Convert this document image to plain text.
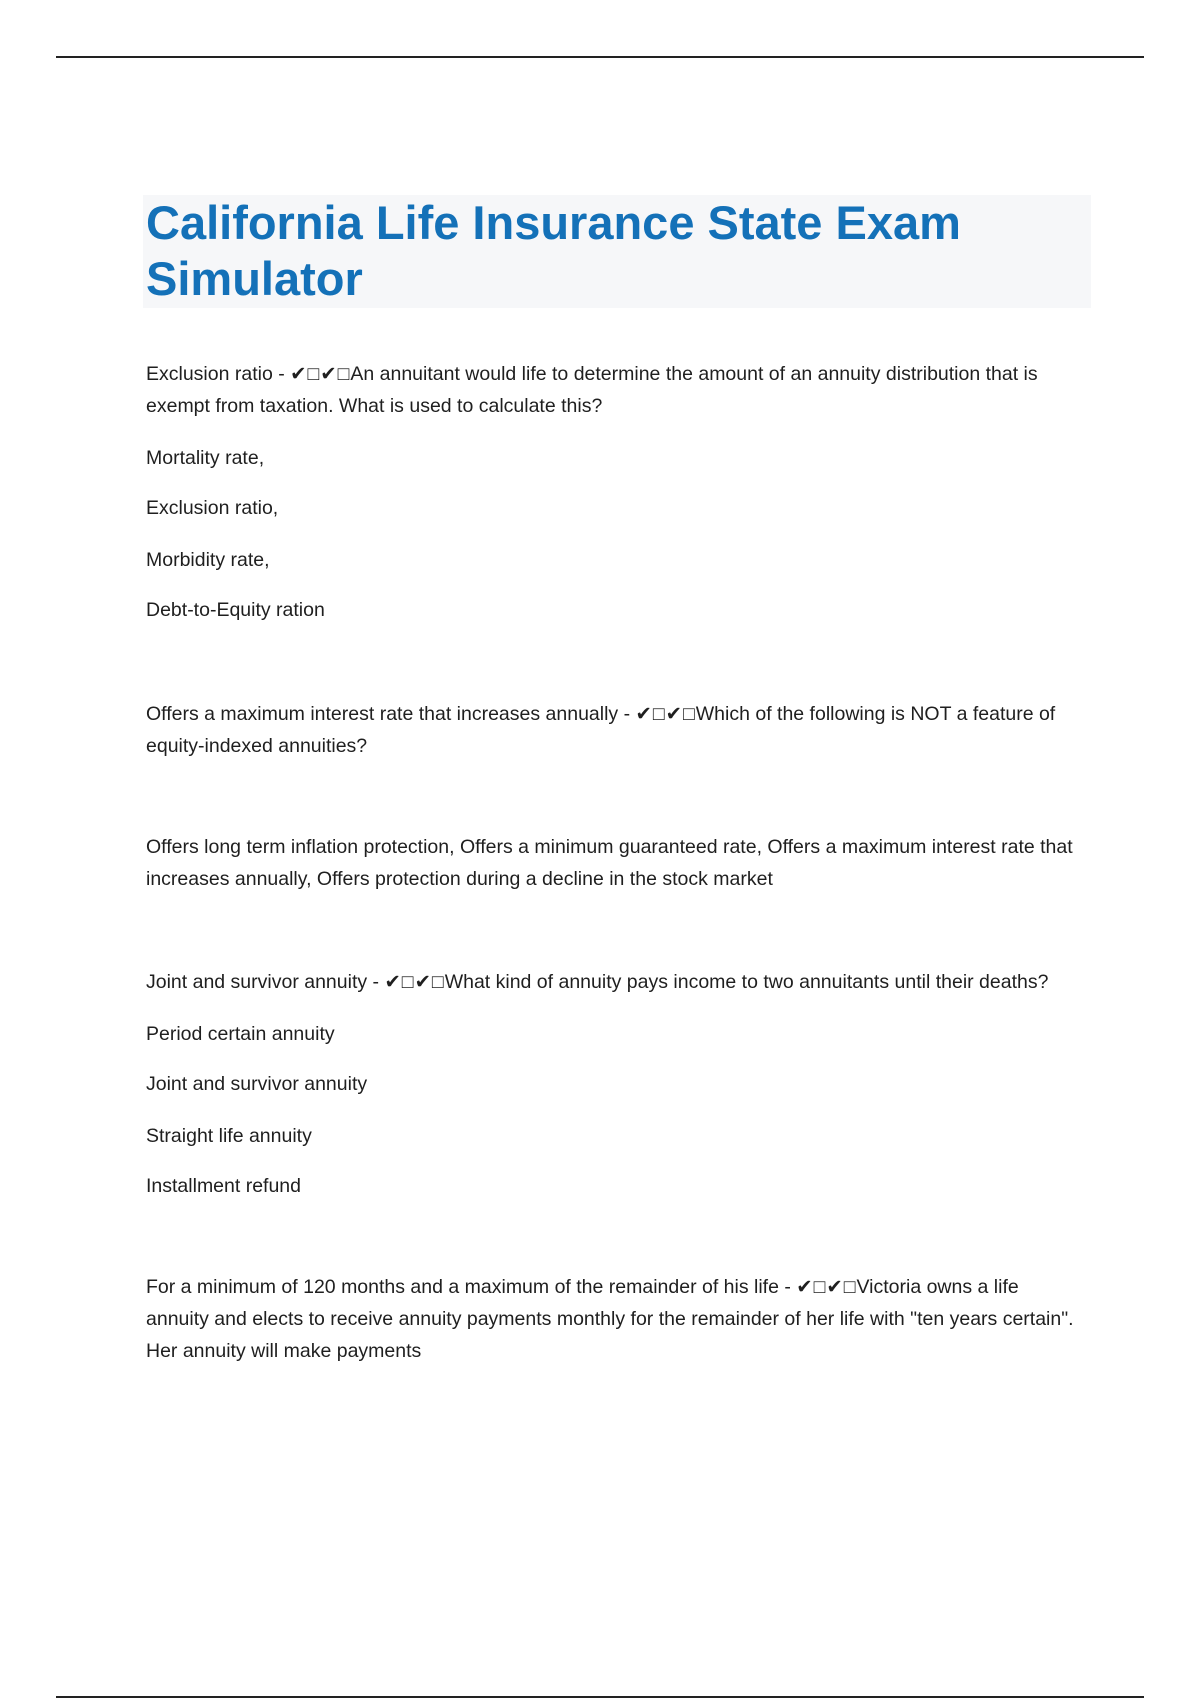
California Life Insurance State Exam Simulator

Exclusion ratio - ✔□✔□An annuitant would life to determine the amount of an annuity distribution that is exempt from taxation. What is used to calculate this?

Mortality rate,

Exclusion ratio,

Morbidity rate,

Debt-to-Equity ration

Offers a maximum interest rate that increases annually - ✔□✔□Which of the following is NOT a feature of equity-indexed annuities?

Offers long term inflation protection, Offers a minimum guaranteed rate, Offers a maximum interest rate that increases annually, Offers protection during a decline in the stock market

Joint and survivor annuity - ✔□✔□What kind of annuity pays income to two annuitants until their deaths?

Period certain annuity

Joint and survivor annuity

Straight life annuity

Installment refund

For a minimum of 120 months and a maximum of the remainder of his life - ✔□✔□Victoria owns a life annuity and elects to receive annuity payments monthly for the remainder of her life with "ten years certain". Her annuity will make payments
